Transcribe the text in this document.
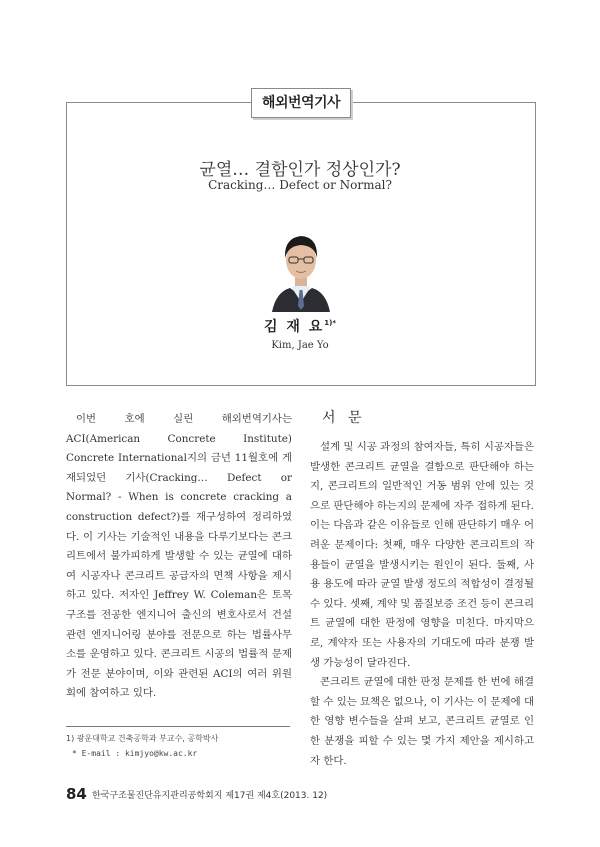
해외번역기사
균열… 결함인가 정상인가?
Cracking… Defect or Normal?
김 재 요$^{1)*}$
Kim, Jae Yo

이번 호에 실린 해외번역기사는 ACI(American Concrete Institute) Concrete International지의 금년 11월호에 게재되었던 기사(Cracking… Defect or Normal? - When is concrete cracking a construction defect?)를 재구성하여 정리하였다. 이 기사는 기술적인 내용을 다루기보다는 콘크리트에서 불가피하게 발생할 수 있는 균열에 대하여 시공자나 콘크리트 공급자의 면책 사항을 제시하고 있다. 저자인 Jeffrey W. Coleman은 토목구조를 전공한 엔지니어 출신의 변호사로서 건설 관련 엔지니어링 분야를 전문으로 하는 법률사무소를 운영하고 있다. 콘크리트 시공의 법률적 문제가 전문 분야이며, 이와 관련된 ACI의 여러 위원회에 참여하고 있다.

서 문

설계 및 시공 과정의 참여자들, 특히 시공자들은 발생한 콘크리트 균열을 결함으로 판단해야 하는지, 콘크리트의 일반적인 거동 범위 안에 있는 것으로 판단해야 하는지의 문제에 자주 접하게 된다. 이는 다음과 같은 이유들로 인해 판단하기 매우 어려운 문제이다: 첫째, 매우 다양한 콘크리트의 작용들이 균열을 발생시키는 원인이 된다. 둘째, 사용 용도에 따라 균열 발생 정도의 적합성이 결정될 수 있다. 셋째, 계약 및 품질보증 조건 등이 콘크리트 균열에 대한 판정에 영향을 미친다. 마지막으로, 계약자 또는 사용자의 기대도에 따라 분쟁 발생 가능성이 달라진다.

콘크리트 균열에 대한 판정 문제를 한 번에 해결할 수 있는 묘책은 없으나, 이 기사는 이 문제에 대한 영향 변수들을 살펴 보고, 콘크리트 균열로 인한 분쟁을 피할 수 있는 몇 가지 제안을 제시하고자 한다.

1) 광운대학교 건축공학과 부교수, 공학박사
* E-mail : kimjyo@kw.ac.kr
84 한국구조물진단유지관리공학회지 제17권 제4호(2013. 12)
